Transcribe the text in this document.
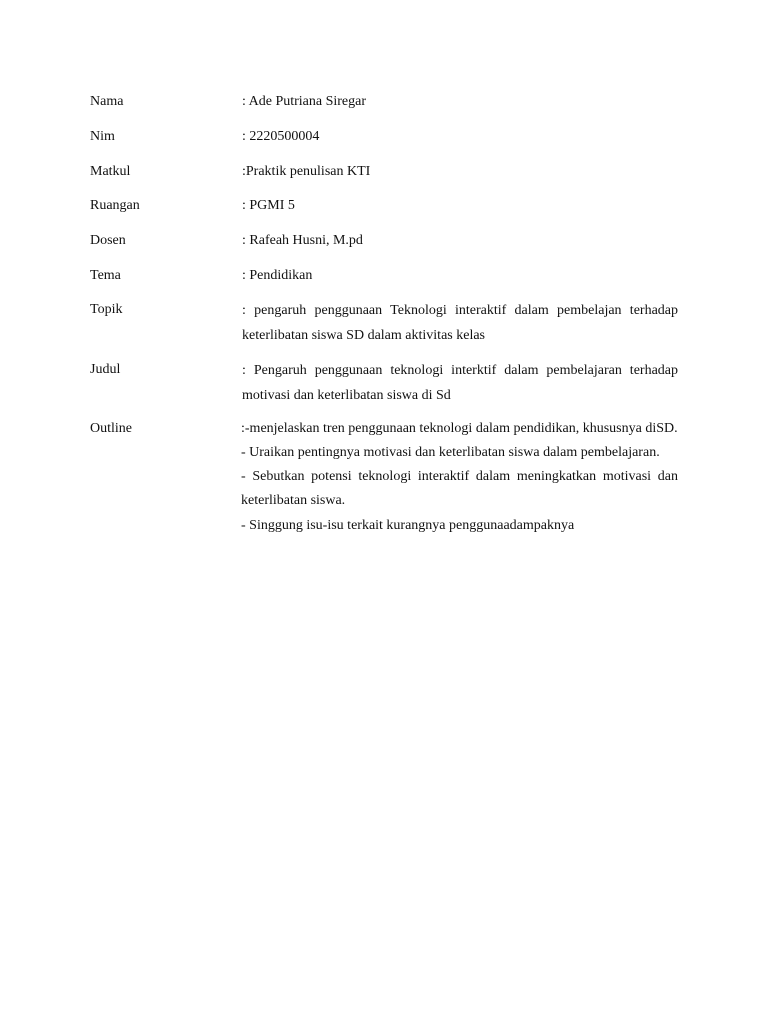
Nama	: Ade Putriana Siregar
Nim	: 2220500004
Matkul	:Praktik penulisan KTI
Ruangan	: PGMI 5
Dosen	: Rafeah Husni, M.pd
Tema	: Pendidikan
Topik	: pengaruh penggunaan Teknologi interaktif dalam pembelajan terhadap keterlibatan siswa SD dalam aktivitas kelas
Judul	: Pengaruh penggunaan teknologi interktif dalam pembelajaran terhadap motivasi dan keterlibatan siswa di Sd
Outline	:-menjelaskan tren penggunaan teknologi dalam pendidikan, khususnya diSD.
- Uraikan pentingnya motivasi dan keterlibatan siswa dalam pembelajaran.
- Sebutkan potensi teknologi interaktif dalam meningkatkan motivasi dan keterlibatan siswa.
- Singgung isu-isu terkait kurangnya penggunaadampaknya
